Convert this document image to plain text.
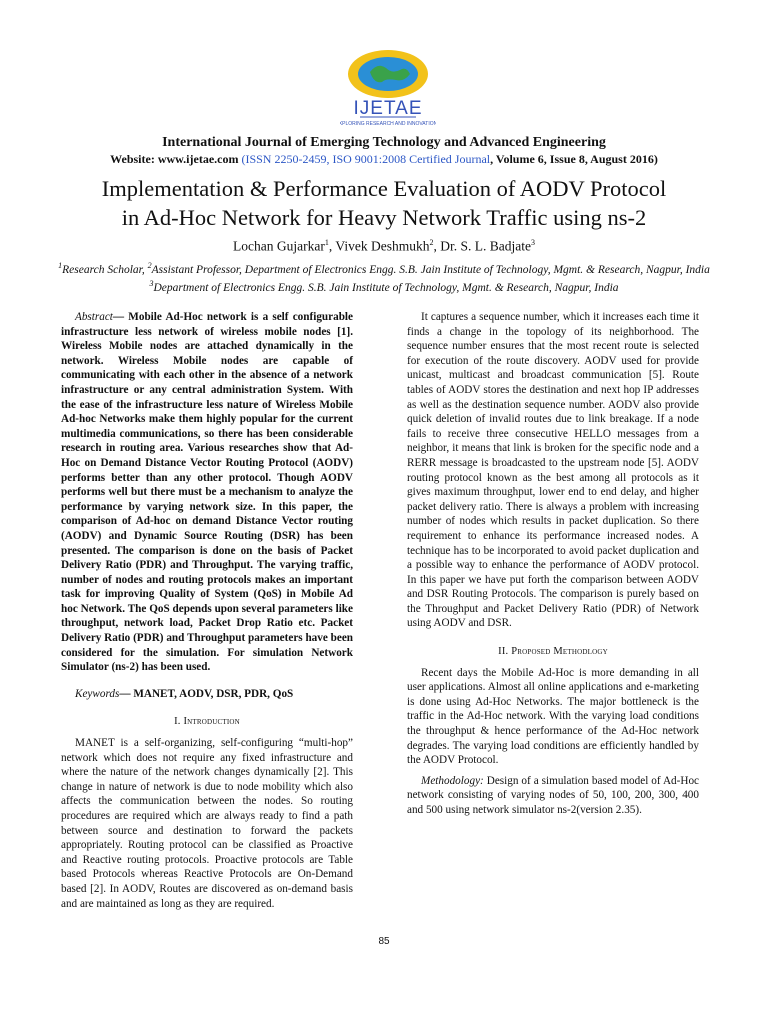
IJETAE
EXPLORING RESEARCH AND INNOVATIONS
International Journal of Emerging Technology and Advanced Engineering
Website: www.ijetae.com (ISSN 2250-2459, ISO 9001:2008 Certified Journal, Volume 6, Issue 8, August 2016)
Implementation & Performance Evaluation of AODV Protocol
in Ad-Hoc Network for Heavy Network Traffic using ns-2
Lochan Gujarkar$^1$, Vivek Deshmukh$^2$, Dr. S. L. Badjate$^3$
$^1$Research Scholar, $^2$Assistant Professor, Department of Electronics Engg. S.B. Jain Institute of Technology, Mgmt. & Research, Nagpur, India
$^3$Department of Electronics Engg. S.B. Jain Institute of Technology, Mgmt. & Research, Nagpur, India

Abstract— Mobile Ad-Hoc network is a self configurable infrastructure less network of wireless mobile nodes [1]. Wireless Mobile nodes are attached dynamically in the network. Wireless Mobile nodes are capable of communicating with each other in the absence of a network infrastructure or any central administration System. With the ease of the infrastructure less nature of Wireless Mobile Ad-hoc Networks make them highly popular for the current multimedia communications, so there has been considerable research in routing area. Various researches show that Ad-Hoc on Demand Distance Vector Routing Protocol (AODV) performs better than any other protocol. Though AODV performs well but there must be a mechanism to analyze the performance by varying network size. In this paper, the comparison of Ad-hoc on demand Distance Vector routing (AODV) and Dynamic Source Routing (DSR) has been presented. The comparison is done on the basis of Packet Delivery Ratio (PDR) and Throughput. The varying traffic, number of nodes and routing protocols makes an important task for improving Quality of System (QoS) in Mobile Ad hoc Network. The QoS depends upon several parameters like throughput, network load, Packet Drop Ratio etc. Packet Delivery Ratio (PDR) and Throughput parameters have been considered for the simulation. For simulation Network Simulator (ns-2) has been used.

Keywords— MANET, AODV, DSR, PDR, QoS

I. Introduction

MANET is a self-organizing, self-configuring “multi-hop” network which does not require any fixed infrastructure and where the nature of the network changes dynamically [2]. This change in nature of network is due to node mobility which also affects the communication between the nodes. So routing procedures are required which are always ready to find a path between source and destination to forward the packets appropriately. Routing protocol can be classified as Proactive and Reactive routing protocols. Proactive protocols are Table based Protocols whereas Reactive Protocols are On-Demand based [2]. In AODV, Routes are discovered as on-demand basis and are maintained as long as they are required.

It captures a sequence number, which it increases each time it finds a change in the topology of its neighborhood. The sequence number ensures that the most recent route is selected for execution of the route discovery. AODV used for provide unicast, multicast and broadcast communication [5]. Route tables of AODV stores the destination and next hop IP addresses as well as the destination sequence number. AODV also provide quick deletion of invalid routes due to link breakage. If a node fails to receive three consecutive HELLO messages from a neighbor, it means that link is broken for the specific node and a RERR message is broadcasted to the upstream node [5]. AODV routing protocol known as the best among all protocols as it gives maximum throughput, lower end to end delay, and higher packet delivery ratio. There is always a problem with increasing number of nodes which results in packet duplication. So there requirement to enhance its performance increased nodes. A technique has to be incorporated to avoid packet duplication and a possible way to enhance the performance of AODV protocol. In this paper we have put forth the comparison between AODV and DSR Routing Protocols. The comparison is purely based on the Throughput and Packet Delivery Ratio (PDR) of Network using AODV and DSR.

II. Proposed Methodlogy

Recent days the Mobile Ad-Hoc is more demanding in all user applications. Almost all online applications and e-marketing is done using Ad-Hoc Networks. The major bottleneck is the traffic in the Ad-Hoc network. With the varying load conditions the throughput & hence performance of the Ad-Hoc network degrades. The varying load conditions are efficiently handled by the AODV Protocol.

Methodology: Design of a simulation based model of Ad-Hoc network consisting of varying nodes of 50, 100, 200, 300, 400 and 500 using network simulator ns-2(version 2.35).

85
